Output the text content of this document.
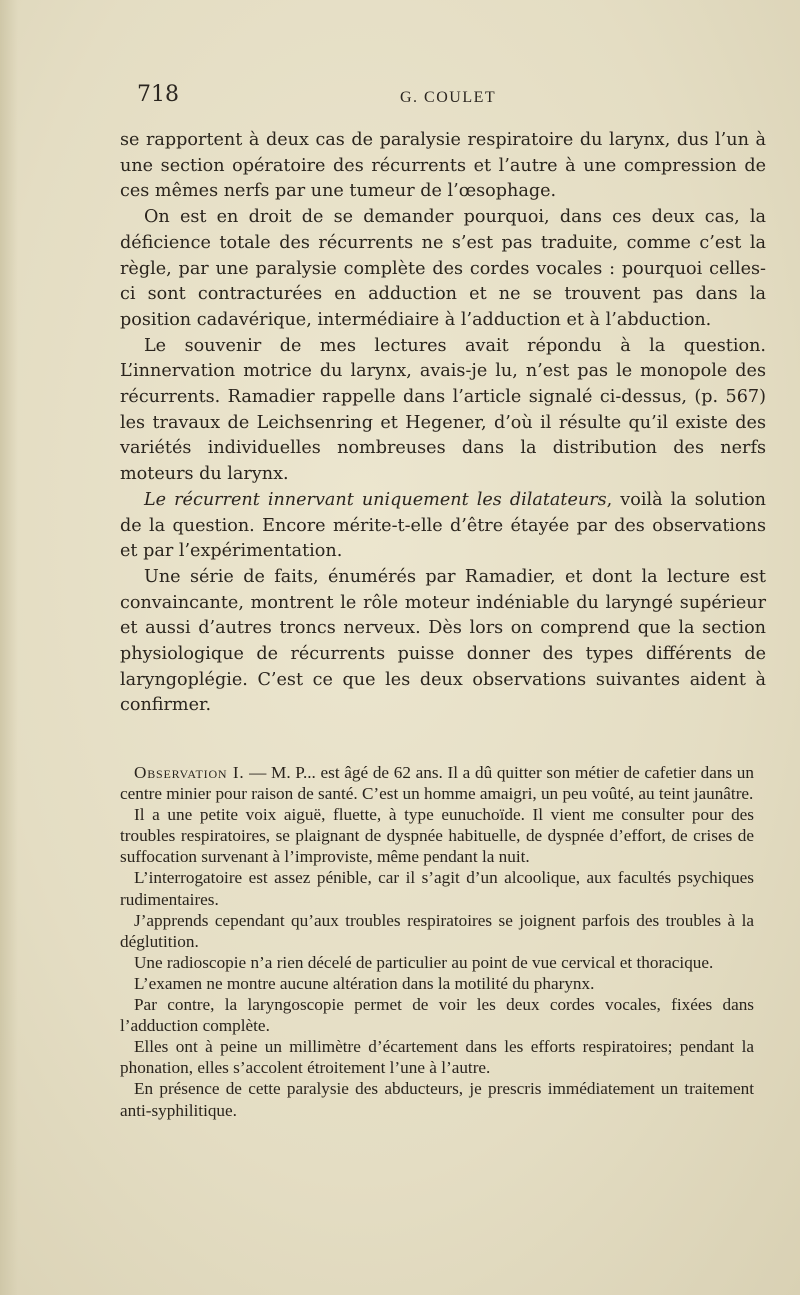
718	G. COULET

se rapportent à deux cas de paralysie respiratoire du larynx, dus l’un à une section opératoire des récurrents et l’autre à une compression de ces mêmes nerfs par une tumeur de l’œsophage.

On est en droit de se demander pourquoi, dans ces deux cas, la déficience totale des récurrents ne s’est pas traduite, comme c’est la règle, par une paralysie complète des cordes vocales : pourquoi celles-ci sont contracturées en adduction et ne se trouvent pas dans la position cadavérique, intermédiaire à l’adduction et à l’abduction.

Le souvenir de mes lectures avait répondu à la question. L’innervation motrice du larynx, avais-je lu, n’est pas le monopole des récurrents. Ramadier rappelle dans l’article signalé ci-dessus, (p. 567) les travaux de Leichsenring et Hegener, d’où il résulte qu’il existe des variétés individuelles nombreuses dans la distribution des nerfs moteurs du larynx.

Le récurrent innervant uniquement les dilatateurs, voilà la solution de la question. Encore mérite-t-elle d’être étayée par des observations et par l’expérimentation.

Une série de faits, énumérés par Ramadier, et dont la lecture est convaincante, montrent le rôle moteur indéniable du laryngé supérieur et aussi d’autres troncs nerveux. Dès lors on comprend que la section physiologique de récurrents puisse donner des types différents de laryngoplégie. C’est ce que les deux observations suivantes aident à confirmer.

Observation I. — M. P... est âgé de 62 ans. Il a dû quitter son métier de cafetier dans un centre minier pour raison de santé. C’est un homme amaigri, un peu voûté, au teint jaunâtre.

Il a une petite voix aiguë, fluette, à type eunuchoïde. Il vient me consulter pour des troubles respiratoires, se plaignant de dyspnée habituelle, de dyspnée d’effort, de crises de suffocation survenant à l’improviste, même pendant la nuit.

L’interrogatoire est assez pénible, car il s’agit d’un alcoolique, aux facultés psychiques rudimentaires.

J’apprends cependant qu’aux troubles respiratoires se joignent parfois des troubles à la déglutition.

Une radioscopie n’a rien décelé de particulier au point de vue cervical et thoracique.

L’examen ne montre aucune altération dans la motilité du pharynx.

Par contre, la laryngoscopie permet de voir les deux cordes vocales, fixées dans l’adduction complète.

Elles ont à peine un millimètre d’écartement dans les efforts respiratoires; pendant la phonation, elles s’accolent étroitement l’une à l’autre.

En présence de cette paralysie des abducteurs, je prescris immédiatement un traitement anti-syphilitique.
